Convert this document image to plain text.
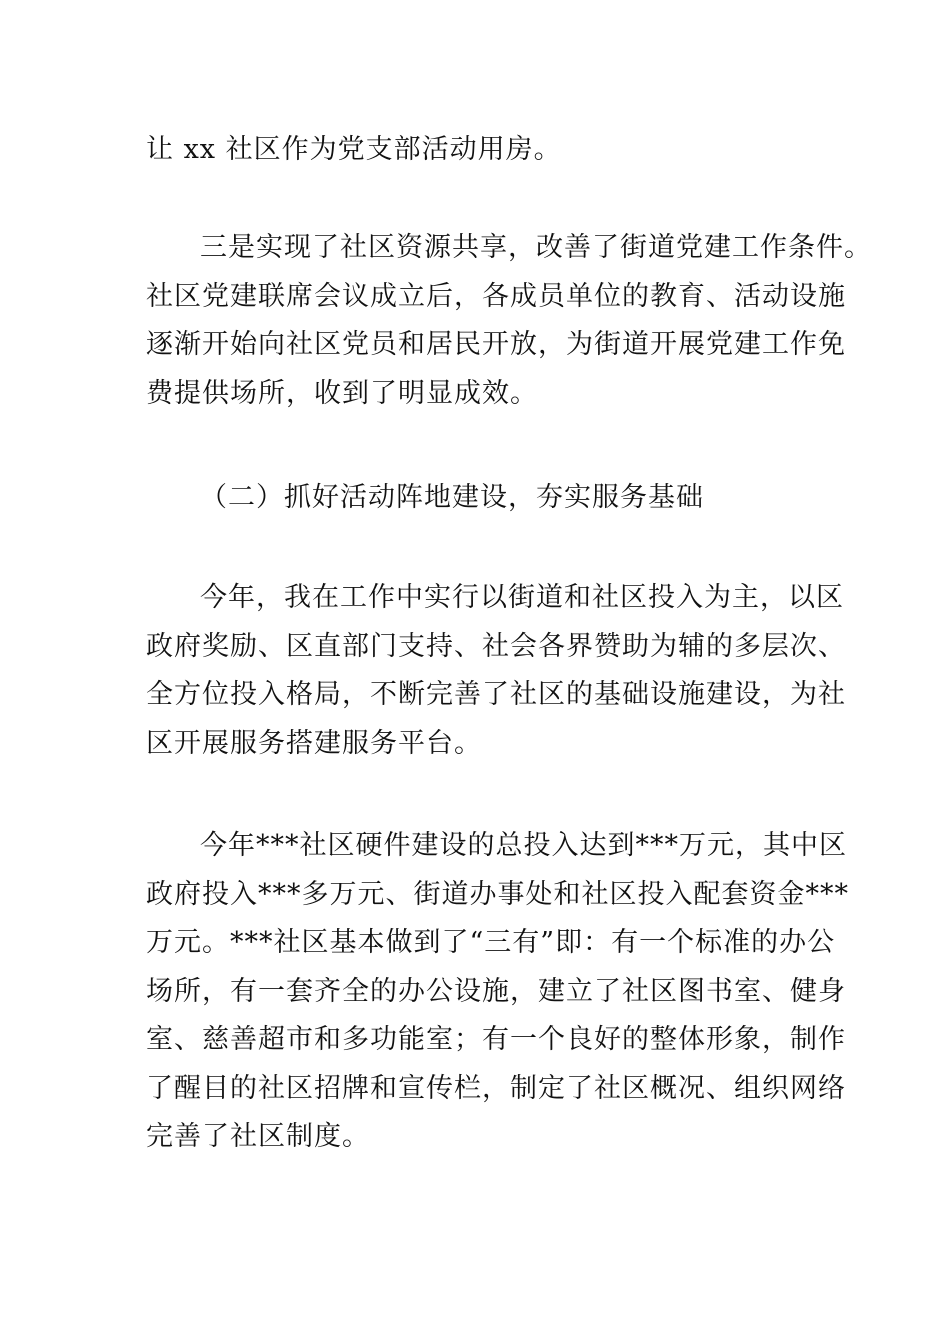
让 xx 社区作为党支部活动用房。

三是实现了社区资源共享，改善了街道党建工作条件。
社区党建联席会议成立后，各成员单位的教育、活动设施
逐渐开始向社区党员和居民开放，为街道开展党建工作免
费提供场所，收到了明显成效。

（二）抓好活动阵地建设，夯实服务基础

今年，我在工作中实行以街道和社区投入为主，以区
政府奖励、区直部门支持、社会各界赞助为辅的多层次、
全方位投入格局，不断完善了社区的基础设施建设，为社
区开展服务搭建服务平台。

今年***社区硬件建设的总投入达到***万元，其中区
政府投入***多万元、街道办事处和社区投入配套资金***
万元。***社区基本做到了“三有”即：有一个标准的办公
场所，有一套齐全的办公设施，建立了社区图书室、健身
室、慈善超市和多功能室；有一个良好的整体形象，制作
了醒目的社区招牌和宣传栏，制定了社区概况、组织网络
完善了社区制度。
